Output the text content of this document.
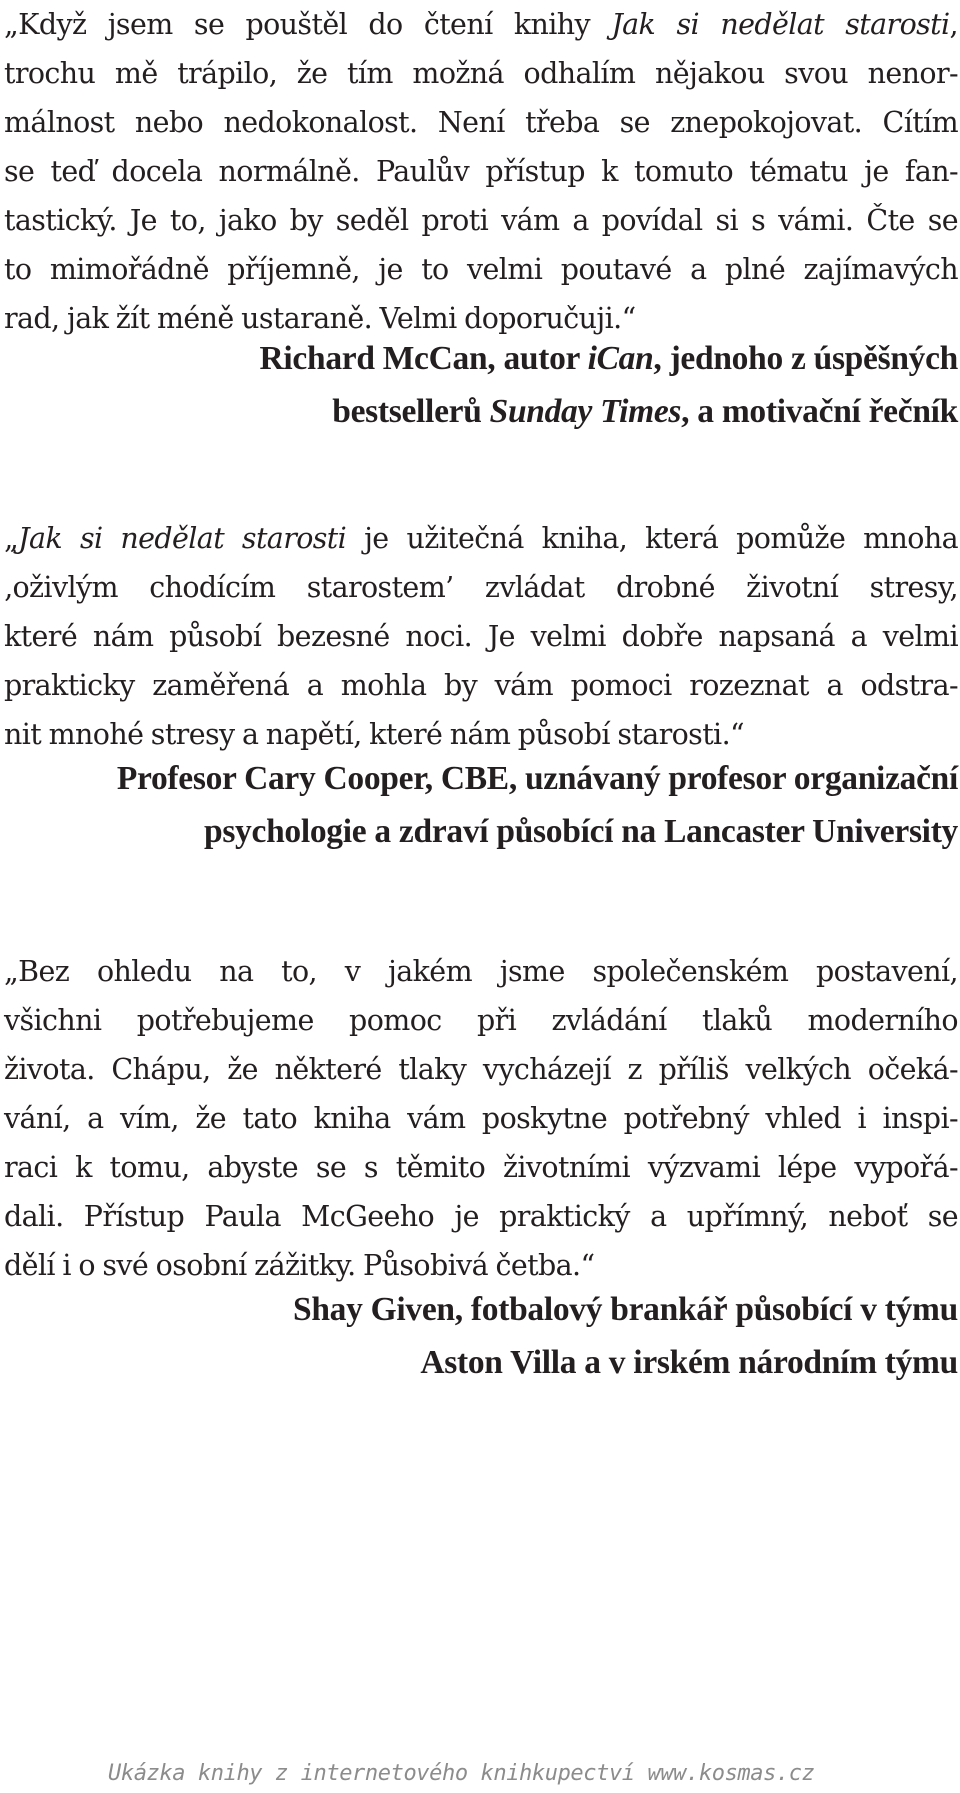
„Když jsem se pouštěl do čtení knihy Jak si nedělat starosti,
trochu mě trápilo, že tím možná odhalím nějakou svou nenor-
málnost nebo nedokonalost. Není třeba se znepokojovat. Cítím
se teď docela normálně. Paulův přístup k tomuto tématu je fan-
tastický. Je to, jako by seděl proti vám a povídal si s vámi. Čte se
to mimořádně příjemně, je to velmi poutavé a plné zajímavých
rad, jak žít méně ustaraně. Velmi doporučuji.“
Richard McCan, autor iCan, jednoho z úspěšných
bestsellerů Sunday Times, a motivační řečník
„Jak si nedělat starosti je užitečná kniha, která pomůže mnoha
‚oživlým chodícím starostem’ zvládat drobné životní stresy,
které nám působí bezesné noci. Je velmi dobře napsaná a velmi
prakticky zaměřená a mohla by vám pomoci rozeznat a odstra-
nit mnohé stresy a napětí, které nám působí starosti.“
Profesor Cary Cooper, CBE, uznávaný profesor organizační
psychologie a zdraví působící na Lancaster University
„Bez ohledu na to, v jakém jsme společenském postavení,
všichni potřebujeme pomoc při zvládání tlaků moderního
života. Chápu, že některé tlaky vycházejí z příliš velkých očeká-
vání, a vím, že tato kniha vám poskytne potřebný vhled i inspi-
raci k tomu, abyste se s těmito životními výzvami lépe vypořá-
dali. Přístup Paula McGeeho je praktický a upřímný, neboť se
dělí i o své osobní zážitky. Působivá četba.“
Shay Given, fotbalový brankář působící v týmu
Aston Villa a v irském národním týmu
Ukázka knihy z internetového knihkupectví www.kosmas.cz
